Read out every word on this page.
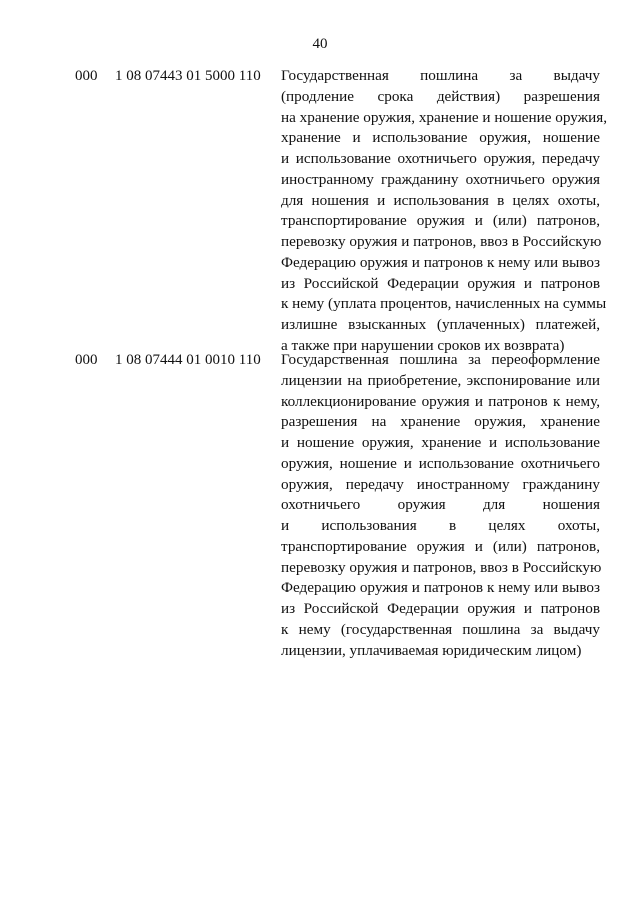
40
000 1 08 07443 01 5000 110 Государственная пошлина за выдачу
(продление срока действия) разрешения
на хранение оружия, хранение и ношение оружия,
хранение и использование оружия, ношение
и использование охотничьего оружия, передачу
иностранному гражданину охотничьего оружия
для ношения и использования в целях охоты,
транспортирование оружия и (или) патронов,
перевозку оружия и патронов, ввоз в Российскую
Федерацию оружия и патронов к нему или вывоз
из Российской Федерации оружия и патронов
к нему (уплата процентов, начисленных на суммы
излишне взысканных (уплаченных) платежей,
а также при нарушении сроков их возврата)
000 1 08 07444 01 0010 110 Государственная пошлина за переоформление
лицензии на приобретение, экспонирование или
коллекционирование оружия и патронов к нему,
разрешения на хранение оружия, хранение
и ношение оружия, хранение и использование
оружия, ношение и использование охотничьего
оружия, передачу иностранному гражданину
охотничьего оружия для ношения
и использования в целях охоты,
транспортирование оружия и (или) патронов,
перевозку оружия и патронов, ввоз в Российскую
Федерацию оружия и патронов к нему или вывоз
из Российской Федерации оружия и патронов
к нему (государственная пошлина за выдачу
лицензии, уплачиваемая юридическим лицом)
